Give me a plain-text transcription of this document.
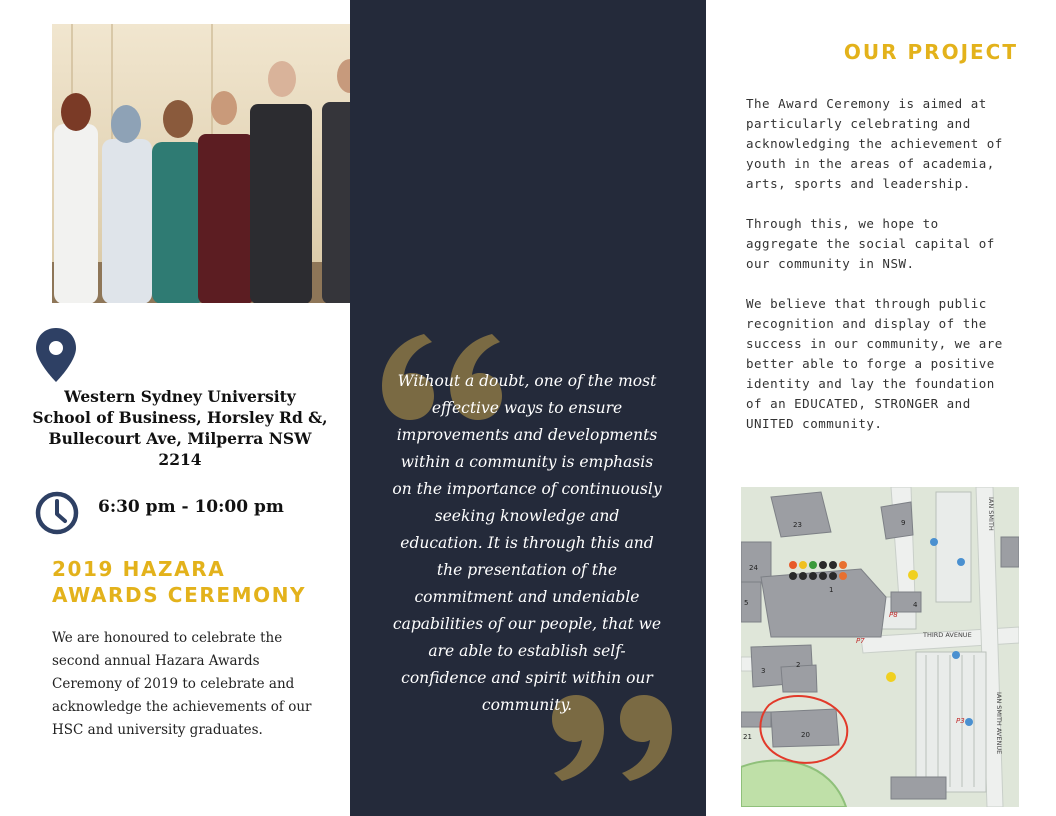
Western Sydney University
School of Business, Horsley Rd &,
Bullecourt Ave, Milperra NSW
2214
6:30 pm - 10:00 pm
2019 HAZARA
AWARDS CEREMONY
We are honoured to celebrate the second annual Hazara Awards Ceremony of 2019 to celebrate and acknowledge the achievements of our HSC and university graduates.
Without a doubt, one of the most effective ways to ensure improvements and developments within a community is emphasis on the importance of continuously seeking knowledge and education. It is through this and the presentation of the commitment and undeniable capabilities of our people, that we are able to establish self-confidence and spirit within our community.
OUR PROJECT

The Award Ceremony is aimed at particularly celebrating and acknowledging the achievement of youth in the areas of academia, arts, sports and leadership.

Through this, we hope to aggregate the social capital of our community in NSW.

We believe that through public recognition and display of the success in our community, we are better able to forge a positive identity and lay the foundation of an EDUCATED, STRONGER and UNITED community.

23	9
24
1
4
5
2
3
20
21
P8
P7
P3
THIRD AVENUE
IAN SMITH
IAN SMITH AVENUE
